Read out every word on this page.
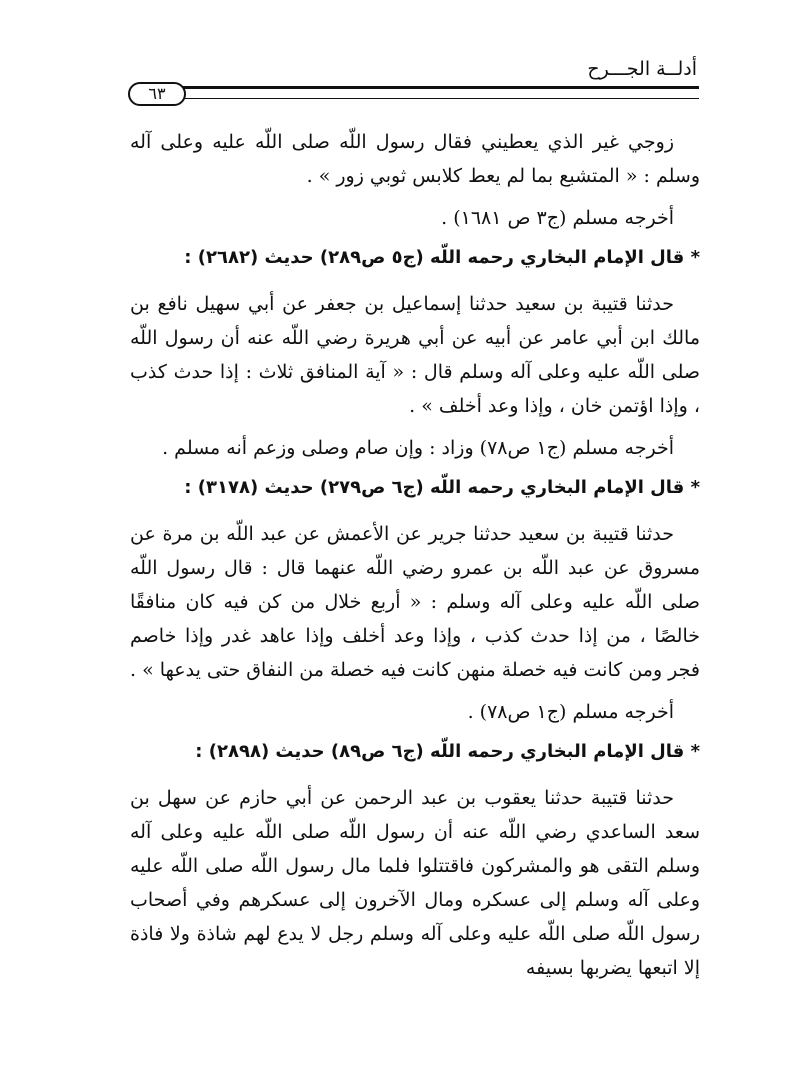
أدلــة الجـــرح
٦٣

زوجي غير الذي يعطيني فقال رسول اللّه صلى اللّه عليه وعلى آله وسلم : « المتشبع بما لم يعط كلابس ثوبي زور » .

أخرجه مسلم (ج٣ ص ١٦٨١) .

* قال الإمام البخاري رحمه اللّه (ج٥ ص٢٨٩) حديث (٢٦٨٢) :

حدثنا قتيبة بن سعيد حدثنا إسماعيل بن جعفر عن أبي سهيل نافع بن مالك ابن أبي عامر عن أبيه عن أبي هريرة رضي اللّه عنه أن رسول اللّه صلى اللّه عليه وعلى آله وسلم قال : « آية المنافق ثلاث : إذا حدث كذب ، وإذا اؤتمن خان ، وإذا وعد أخلف » .

أخرجه مسلم (ج١ ص٧٨) وزاد : وإن صام وصلى وزعم أنه مسلم .

* قال الإمام البخاري رحمه اللّه (ج٦ ص٢٧٩) حديث (٣١٧٨) :

حدثنا قتيبة بن سعيد حدثنا جرير عن الأعمش عن عبد اللّه بن مرة عن مسروق عن عبد اللّه بن عمرو رضي اللّه عنهما قال : قال رسول اللّه صلى اللّه عليه وعلى آله وسلم : « أربع خلال من كن فيه كان منافقًا خالصًا ، من إذا حدث كذب ، وإذا وعد أخلف وإذا عاهد غدر وإذا خاصم فجر ومن كانت فيه خصلة منهن كانت فيه خصلة من النفاق حتى يدعها » .

أخرجه مسلم (ج١ ص٧٨) .

* قال الإمام البخاري رحمه اللّه (ج٦ ص٨٩) حديث (٢٨٩٨) :

حدثنا قتيبة حدثنا يعقوب بن عبد الرحمن عن أبي حازم عن سهل بن سعد الساعدي رضي اللّه عنه أن رسول اللّه صلى اللّه عليه وعلى آله وسلم التقى هو والمشركون فاقتتلوا فلما مال رسول اللّه صلى اللّه عليه وعلى آله وسلم إلى عسكره ومال الآخرون إلى عسكرهم وفي أصحاب رسول اللّه صلى اللّه عليه وعلى آله وسلم رجل لا يدع لهم شاذة ولا فاذة إلا اتبعها يضربها بسيفه
